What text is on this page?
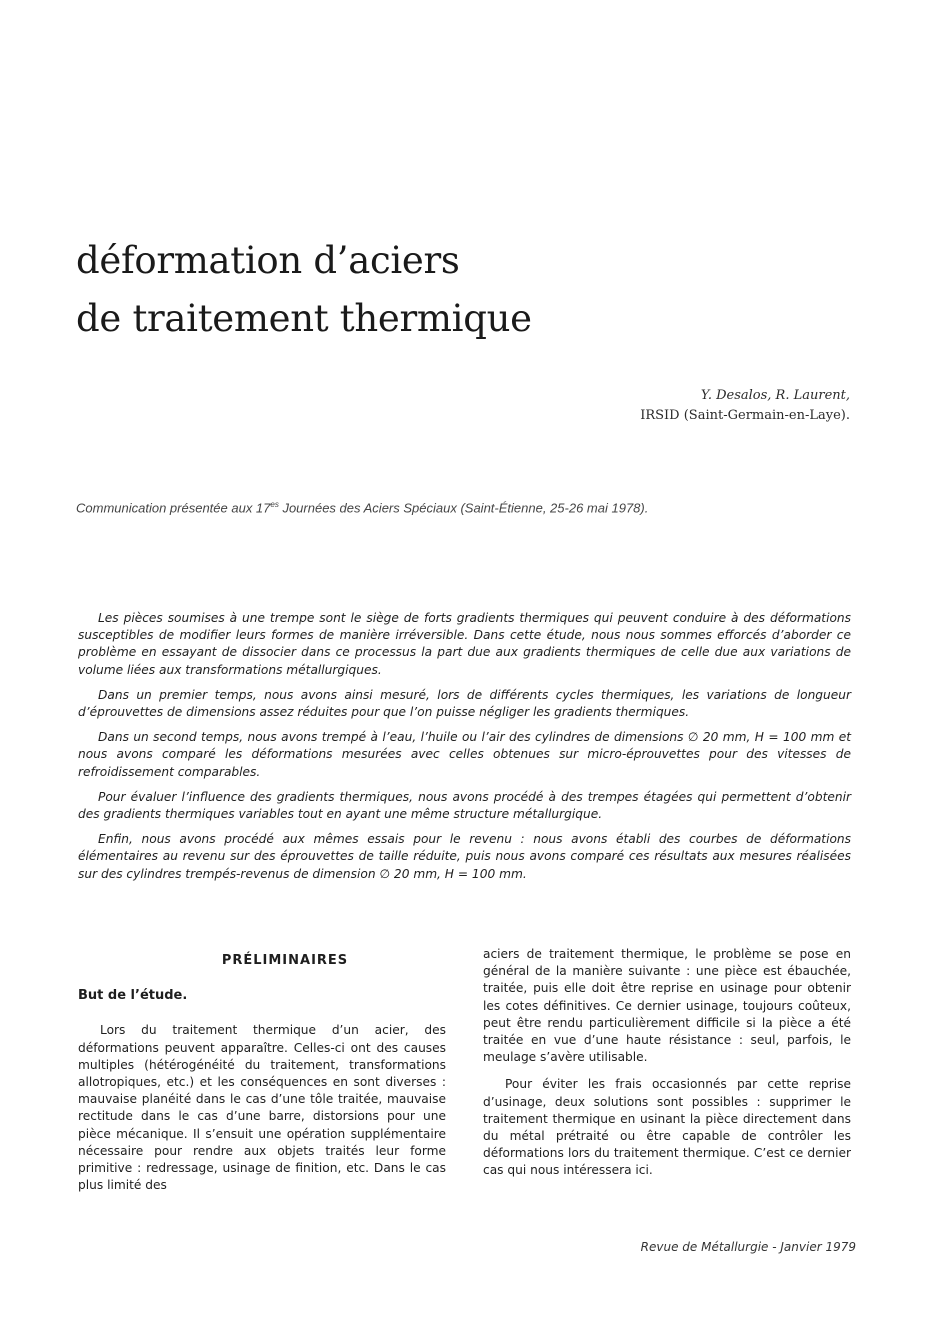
déformation d’aciers
de traitement thermique
Y. Desalos, R. Laurent,
IRSID (Saint-Germain-en-Laye).
Communication présentée aux $17^{es}$ Journées des Aciers Spéciaux (Saint-Étienne, 25-26 mai 1978).

Les pièces soumises à une trempe sont le siège de forts gradients thermiques qui peuvent conduire à des déformations susceptibles de modifier leurs formes de manière irréversible. Dans cette étude, nous nous sommes efforcés d’aborder ce problème en essayant de dissocier dans ce processus la part due aux gradients thermiques de celle due aux variations de volume liées aux transformations métallurgiques.

Dans un premier temps, nous avons ainsi mesuré, lors de différents cycles thermiques, les variations de longueur d’éprouvettes de dimensions assez réduites pour que l’on puisse négliger les gradients thermiques.

Dans un second temps, nous avons trempé à l’eau, l’huile ou l’air des cylindres de dimensions ∅ 20 mm, H = 100 mm et nous avons comparé les déformations mesurées avec celles obtenues sur micro-éprouvettes pour des vitesses de refroidissement comparables.

Pour évaluer l’influence des gradients thermiques, nous avons procédé à des trempes étagées qui permettent d’obtenir des gradients thermiques variables tout en ayant une même structure métallurgique.

Enfin, nous avons procédé aux mêmes essais pour le revenu : nous avons établi des courbes de déformations élémentaires au revenu sur des éprouvettes de taille réduite, puis nous avons comparé ces résultats aux mesures réalisées sur des cylindres trempés-revenus de dimension ∅ 20 mm, H = 100 mm.

PRÉLIMINAIRES
But de l’étude.

Lors du traitement thermique d’un acier, des déformations peuvent apparaître. Celles-ci ont des causes multiples (hétérogénéité du traitement, transformations allotropiques, etc.) et les conséquences en sont diverses : mauvaise planéité dans le cas d’une tôle traitée, mauvaise rectitude dans le cas d’une barre, distorsions pour une pièce mécanique. Il s’ensuit une opération supplémentaire nécessaire pour rendre aux objets traités leur forme primitive : redressage, usinage de finition, etc. Dans le cas plus limité des

aciers de traitement thermique, le problème se pose en général de la manière suivante : une pièce est ébauchée, traitée, puis elle doit être reprise en usinage pour obtenir les cotes définitives. Ce dernier usinage, toujours coûteux, peut être rendu particulièrement difficile si la pièce a été traitée en vue d’une haute résistance : seul, parfois, le meulage s’avère utilisable.

Pour éviter les frais occasionnés par cette reprise d’usinage, deux solutions sont possibles : supprimer le traitement thermique en usinant la pièce directement dans du métal prétraité ou être capable de contrôler les déformations lors du traitement thermique. C’est ce dernier cas qui nous intéressera ici.

Revue de Métallurgie - Janvier 1979
